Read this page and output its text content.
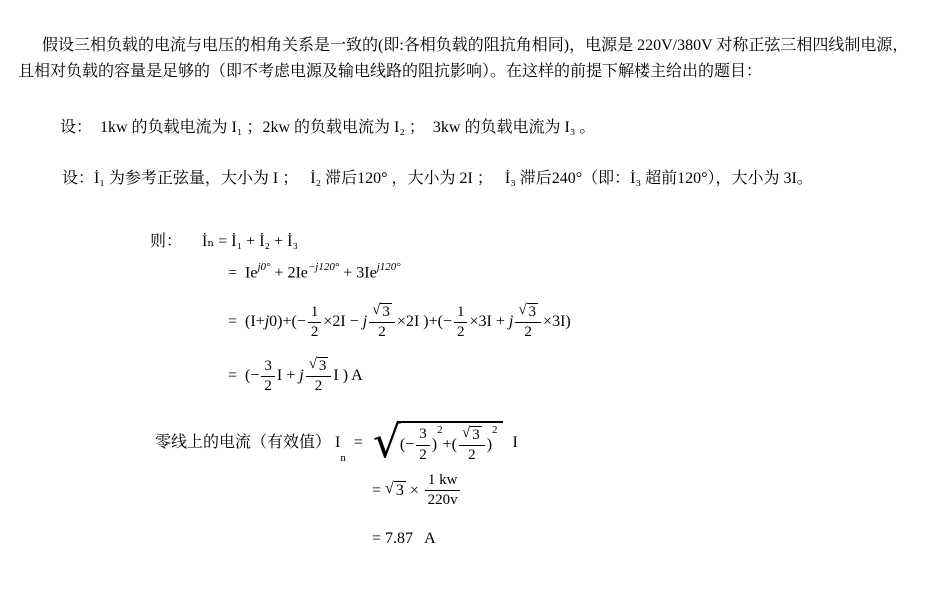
假设三相负载的电流与电压的相角关系是一致的(即:各相负载的阻抗角相同)，电源是 220V/380V 对称正弦三相四线制电源，
且相对负载的容量是足够的（即不考虑电源及输电线路的阻抗影响）。在这样的前提下解楼主给出的题目：
设：  1kw 的负载电流为 I₁ ；2kw 的负载电流为 I₂ ；  3kw 的负载电流为 I₃ 。
设：İ₁ 为参考正弦量，大小为 I ；   İ₂ 滞后120° ，大小为 2I ；   İ₃ 滞后240°（即：İ₃ 超前120°），大小为 3I。
则：     İₙ = İ₁ + İ₂ + İ₃
=  $Ie^{j0^\circ} + 2Ie^{-j120^\circ} + 3Ie^{j120^\circ}$
=  (I+ j $0)+(- \frac{1}{2} \times 2I - j \frac{√ 3}{2} \times 2I$ )+(− $\frac{1}{2} \times 3I + j \frac{√ 3}{2} \times 3I$)
=  (− $\frac{3}{2}$ I + j $\frac{√ 3}{2}$ I ) A
零线上的电流（有效值） I
n
= √ (− $\frac{3}{2}$ )
$^2$
+( $\frac{√ 3}{2}$ )
$^2$
I
= √ $3 \times \frac{1 kw}{220v}$
= 7.87   A
